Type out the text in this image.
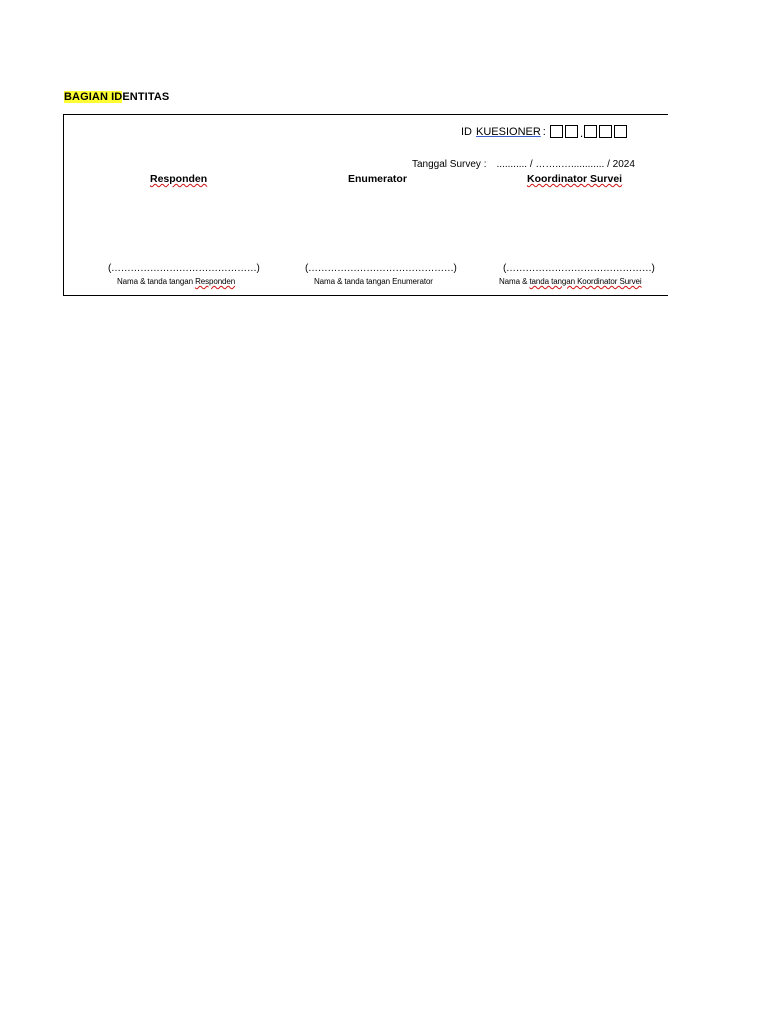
BAGIAN IDENTITAS
ID KUESIONER :	.
Tanggal Survey : ........... / ……..…............ / 2024
Responden	Enumerator	Koordinator Survei
(………………………………………)	(………………………………………)	(………………………………………)
Nama & tanda tangan Responden	Nama & tanda tangan Enumerator	Nama & tanda tangan Koordinator Survei
